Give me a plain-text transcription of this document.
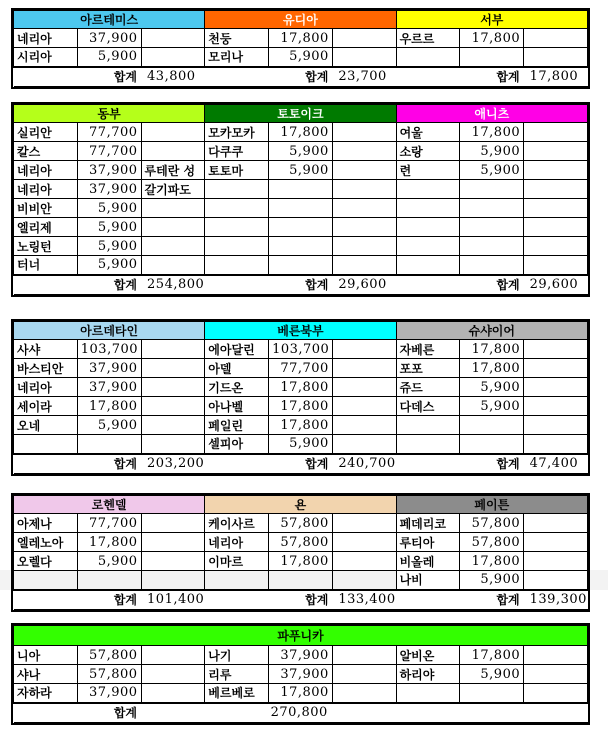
아르테미스			유디아			서부		
네리아	37,900		천둥	17,800		우르르	17,800	
시리아	5,900		모리나	5,900				
	합계	43,800		합계	23,700		합계	17,800
동부			토토이크			애니츠		
실리안	77,700		모카모카	17,800		여울	17,800	
칼스	77,700		다쿠쿠	5,900		소랑	5,900	
네리아	37,900	루테란 성	토토마	5,900		련	5,900	
네리아	37,900	갈기파도						
비비안	5,900							
엘리제	5,900							
노링턴	5,900							
터너	5,900							
	합계	254,800		합계	29,600		합계	29,600
아르데타인			베른북부			슈샤이어		
사샤	103,700		에아달린	103,700		자베른	17,800	
바스티안	37,900		아델	77,700		포포	17,800	
네리아	37,900		기드온	17,800		쥬드	5,900	
세이라	17,800		아나벨	17,800		다데스	5,900	
오네	5,900		페일린	17,800				
			셀피아	5,900				
	합계	203,200		합계	240,700		합계	47,400
로헨델			욘			페이튼		
아제나	77,700		케이사르	57,800		페데리코	57,800	
엘레노아	17,800		네리아	57,800		루티아	57,800	
오렐다	5,900		이마르	17,800		비올레	17,800	
						나비	5,900	
	합계	101,400		합계	133,400		합계	139,300
파푸니카								
니아	57,800		나기	37,900		알비온	17,800	
샤나	57,800		리루	37,900		하리야	5,900	
자하라	37,900		베르베로	17,800				
	합계			270,800				
